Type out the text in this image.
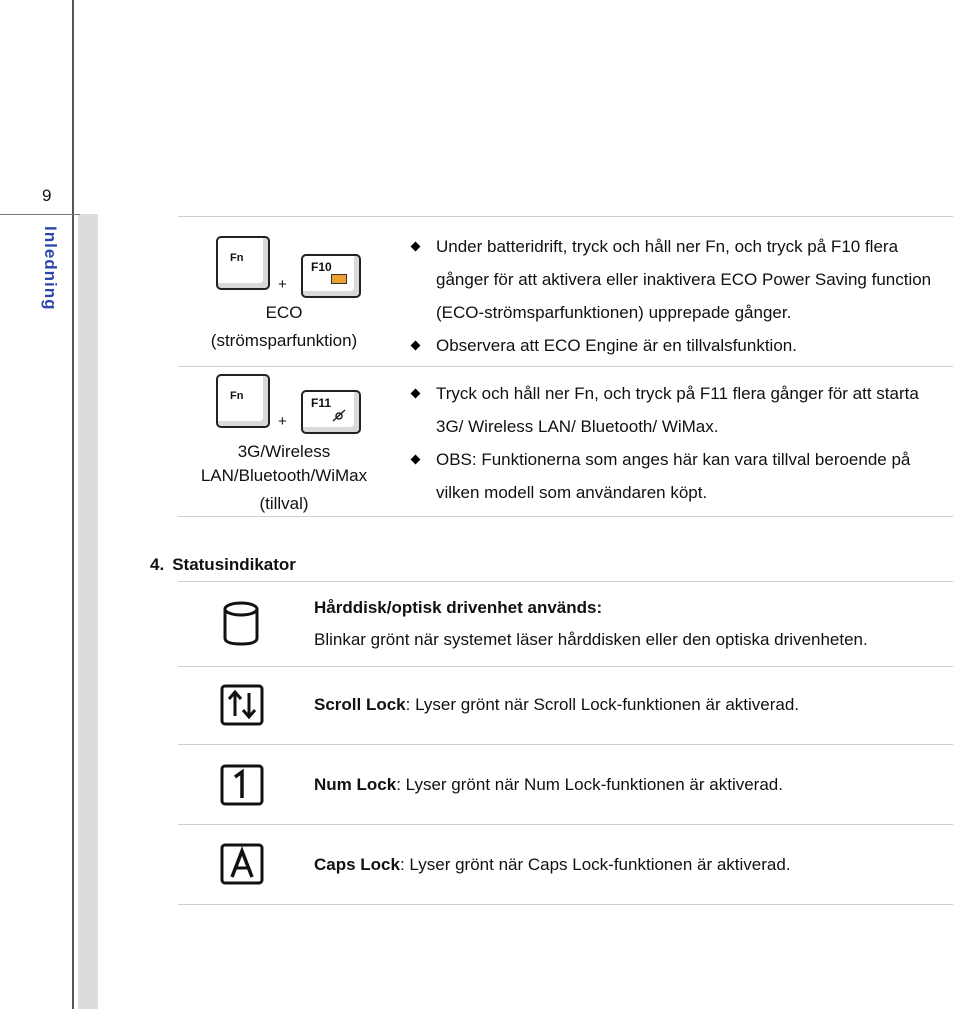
9
Inledning	Fn
+
F10
ECO
(strömsparfunktion)
Under batteridrift, tryck och håll ner Fn, och tryck på F10 flera gånger för att aktivera eller inaktivera ECO Power Saving function (ECO-strömsparfunktionen) upprepade gånger.
Observera att ECO Engine är en tillvalsfunktion.
Fn
+
F11
3G/Wireless
LAN/Bluetooth/WiMax
(tillval)
Tryck och håll ner Fn, och tryck på F11 flera gånger för att starta 3G/ Wireless LAN/ Bluetooth/ WiMax.
OBS: Funktionerna som anges här kan vara tillval beroende på vilken modell som användaren köpt.
4. Statusindikator
Hårddisk/optisk drivenhet används:
Blinkar grönt när systemet läser hårddisken eller den optiska drivenheten.
Scroll Lock: Lyser grönt när Scroll Lock-funktionen är aktiverad.
Num Lock: Lyser grönt när Num Lock-funktionen är aktiverad.
Caps Lock: Lyser grönt när Caps Lock-funktionen är aktiverad.
